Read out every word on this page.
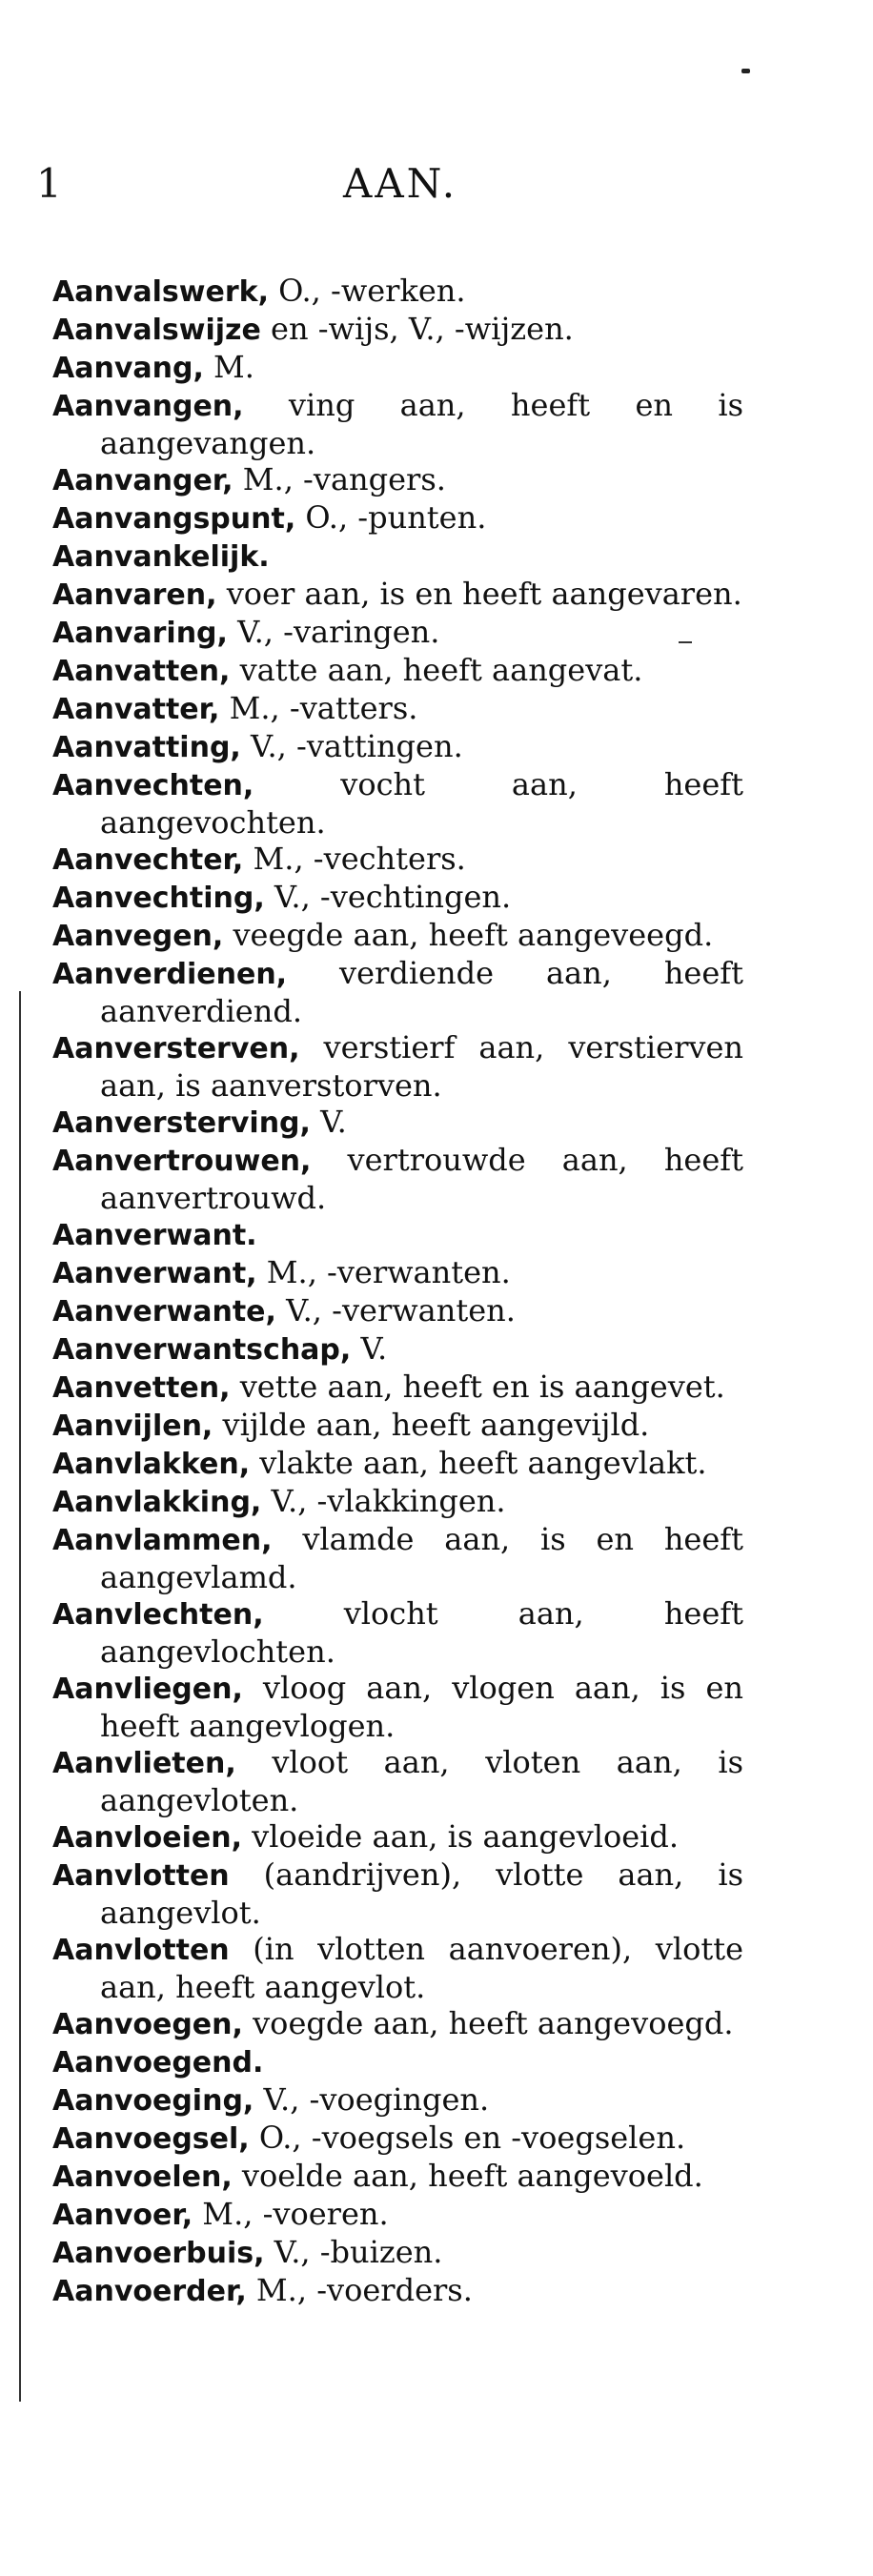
1	AAN.
Aanvalswerk, O., -werken.
Aanvalswijze en -wijs, V., -wijzen.
Aanvang, M.
Aanvangen, ving aan, heeft en is aangevangen.
Aanvanger, M., -vangers.
Aanvangspunt, O., -punten.
Aanvankelijk.
Aanvaren, voer aan, is en heeft aangevaren.
Aanvaring, V., -varingen.
Aanvatten, vatte aan, heeft aangevat.
Aanvatter, M., -vatters.
Aanvatting, V., -vattingen.
Aanvechten, vocht aan, heeft aangevochten.
Aanvechter, M., -vechters.
Aanvechting, V., -vechtingen.
Aanvegen, veegde aan, heeft aangeveegd.
Aanverdienen, verdiende aan, heeft aanverdiend.
Aanversterven, verstierf aan, verstierven aan, is aanverstorven.
Aanversterving, V.
Aanvertrouwen, vertrouwde aan, heeft aanvertrouwd.
Aanverwant.
Aanverwant, M., -verwanten.
Aanverwante, V., -verwanten.
Aanverwantschap, V.
Aanvetten, vette aan, heeft en is aangevet.
Aanvijlen, vijlde aan, heeft aangevijld.
Aanvlakken, vlakte aan, heeft aangevlakt.
Aanvlakking, V., -vlakkingen.
Aanvlammen, vlamde aan, is en heeft aangevlamd.
Aanvlechten, vlocht aan, heeft aangevlochten.
Aanvliegen, vloog aan, vlogen aan, is en heeft aangevlogen.
Aanvlieten, vloot aan, vloten aan, is aangevloten.
Aanvloeien, vloeide aan, is aangevloeid.
Aanvlotten (aandrijven), vlotte aan, is aangevlot.
Aanvlotten (in vlotten aanvoeren), vlotte aan, heeft aangevlot.
Aanvoegen, voegde aan, heeft aangevoegd.
Aanvoegend.
Aanvoeging, V., -voegingen.
Aanvoegsel, O., -voegsels en -voegselen.
Aanvoelen, voelde aan, heeft aangevoeld.
Aanvoer, M., -voeren.
Aanvoerbuis, V., -buizen.
Aanvoerder, M., -voerders.
